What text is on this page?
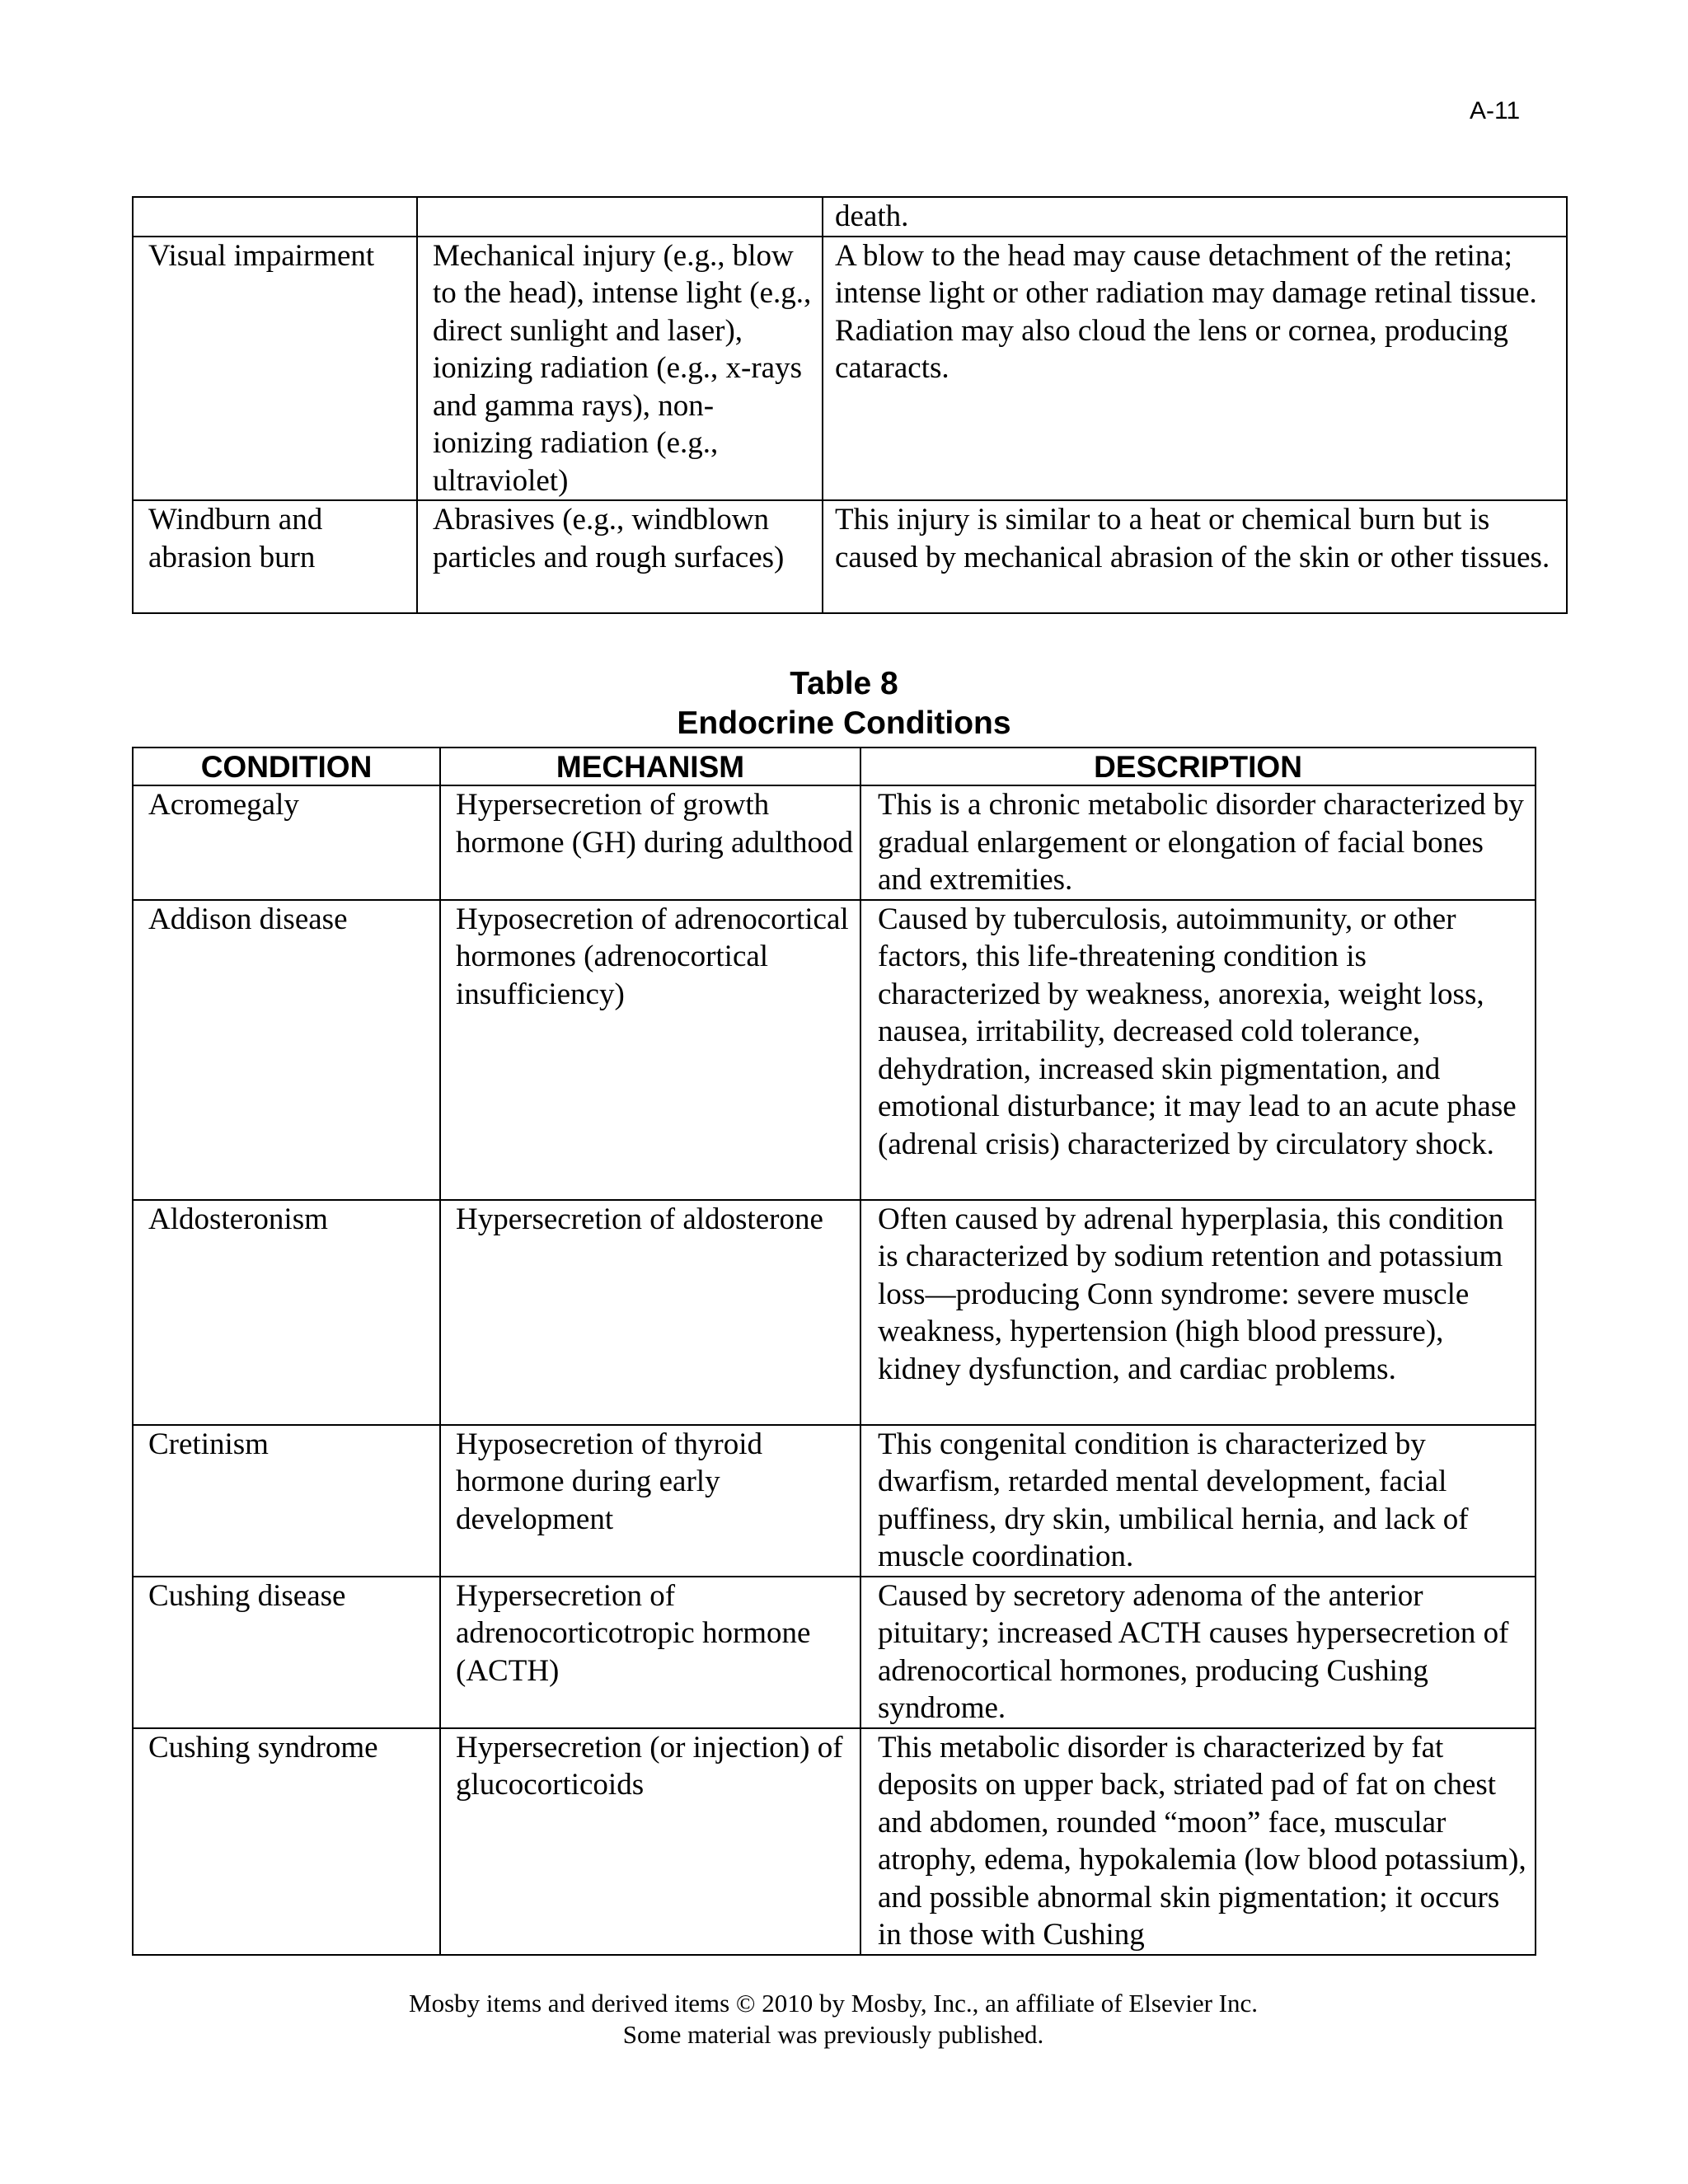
A-11
		death.
Visual impairment	Mechanical injury (e.g., blow to the head), intense light (e.g., direct sunlight and laser), ionizing radiation (e.g., x-rays and gamma rays), non-ionizing radiation (e.g., ultraviolet)	A blow to the head may cause detachment of the retina; intense light or other radiation may damage retinal tissue. Radiation may also cloud the lens or cornea, producing cataracts.
Windburn and abrasion burn	Abrasives (e.g., windblown particles and rough surfaces)	This injury is similar to a heat or chemical burn but is caused by mechanical abrasion of the skin or other tissues.
Table 8
Endocrine Conditions
CONDITION	MECHANISM	DESCRIPTION
Acromegaly	Hypersecretion of growth hormone (GH) during adulthood	This is a chronic metabolic disorder characterized by gradual enlargement or elongation of facial bones and extremities.
Addison disease	Hyposecretion of adrenocortical hormones (adrenocortical insufficiency)	Caused by tuberculosis, autoimmunity, or other factors, this life-threatening condition is characterized by weakness, anorexia, weight loss, nausea, irritability, decreased cold tolerance, dehydration, increased skin pigmentation, and emotional disturbance; it may lead to an acute phase (adrenal crisis) characterized by circulatory shock.
Aldosteronism	Hypersecretion of aldosterone	Often caused by adrenal hyperplasia, this condition is characterized by sodium retention and potassium loss—producing Conn syndrome: severe muscle weakness, hypertension (high blood pressure), kidney dysfunction, and cardiac problems.
Cretinism	Hyposecretion of thyroid hormone during early development	This congenital condition is characterized by dwarfism, retarded mental development, facial puffiness, dry skin, umbilical hernia, and lack of muscle coordination.
Cushing disease	Hypersecretion of adrenocorticotropic hormone (ACTH)	Caused by secretory adenoma of the anterior pituitary; increased ACTH causes hypersecretion of adrenocortical hormones, producing Cushing syndrome.
Cushing syndrome	Hypersecretion (or injection) of glucocorticoids	This metabolic disorder is characterized by fat deposits on upper back, striated pad of fat on chest and abdomen, rounded “moon” face, muscular atrophy, edema, hypokalemia (low blood potassium), and possible abnormal skin pigmentation; it occurs in those with Cushing
Mosby items and derived items © 2010 by Mosby, Inc., an affiliate of Elsevier Inc.
Some material was previously published.
